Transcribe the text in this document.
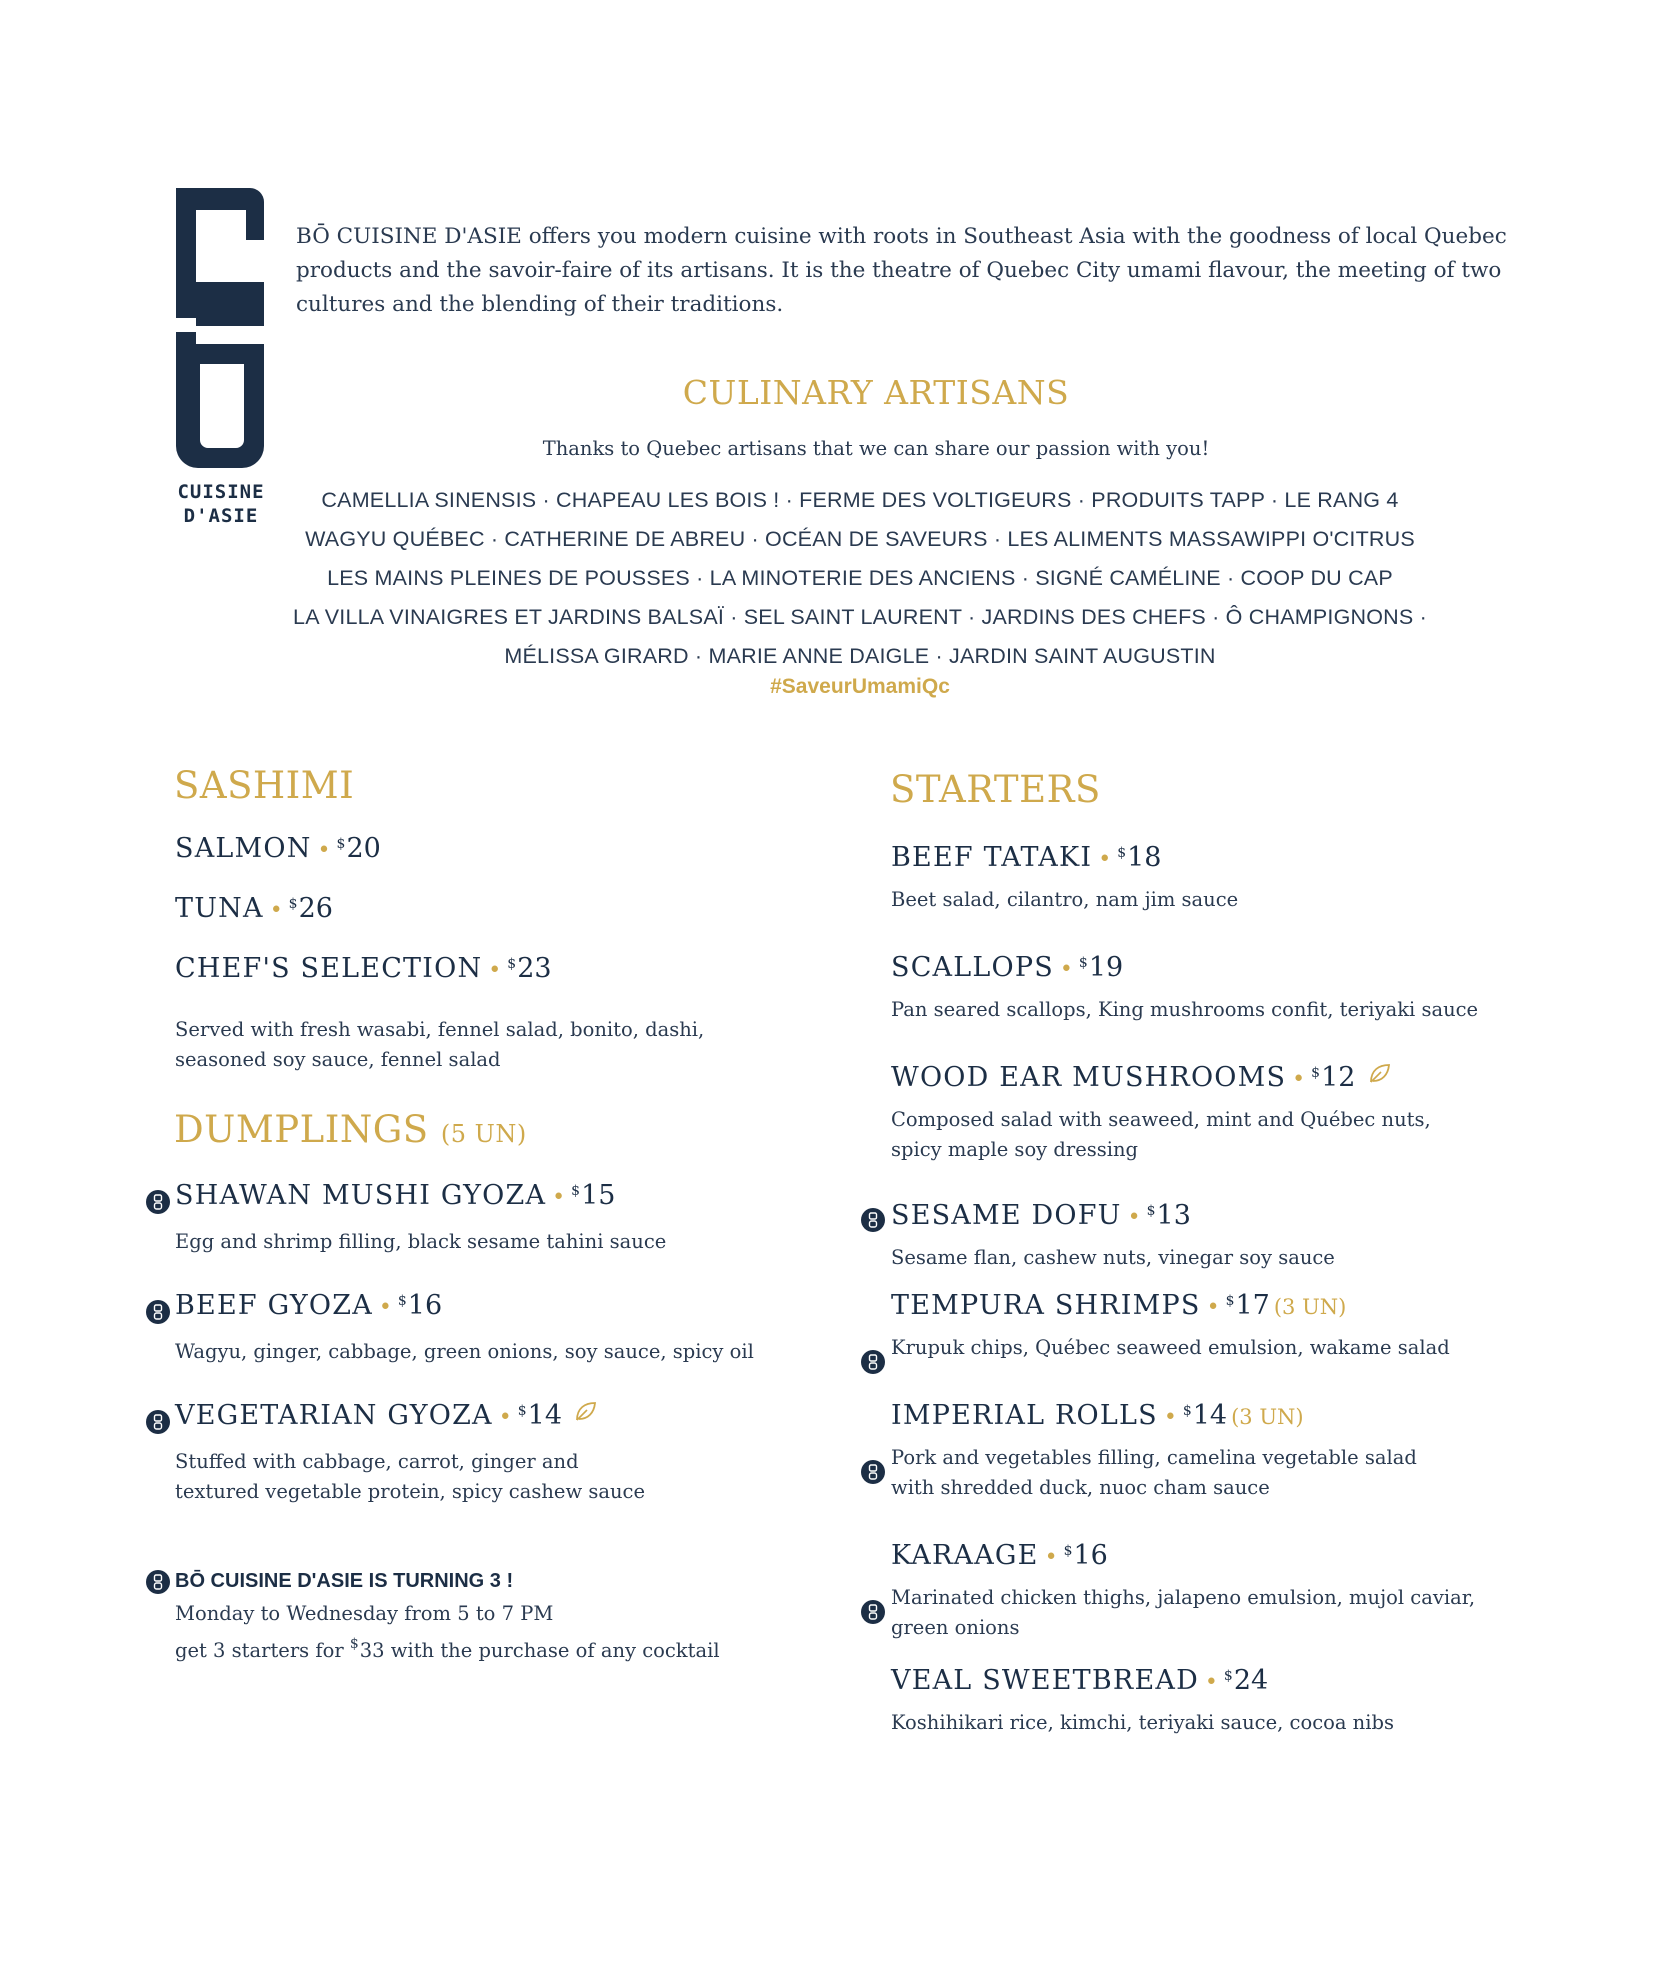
CUISINE
D'ASIE
BŌ CUISINE D'ASIE offers you modern cuisine with roots in Southeast Asia with the goodness of local Quebec
products and the savoir-faire of its artisans. It is the theatre of Quebec City umami flavour, the meeting of two
cultures and the blending of their traditions.
CULINARY ARTISANS
Thanks to Quebec artisans that we can share our passion with you!
CAMELLIA SINENSIS · CHAPEAU LES BOIS ! · FERME DES VOLTIGEURS · PRODUITS TAPP · LE RANG 4
WAGYU QUÉBEC · CATHERINE DE ABREU · OCÉAN DE SAVEURS · LES ALIMENTS MASSAWIPPI O'CITRUS
LES MAINS PLEINES DE POUSSES · LA MINOTERIE DES ANCIENS · SIGNÉ CAMÉLINE · COOP DU CAP
LA VILLA VINAIGRES ET JARDINS BALSAÏ · SEL SAINT LAURENT · JARDINS DES CHEFS · Ô CHAMPIGNONS ·
MÉLISSA GIRARD · MARIE ANNE DAIGLE · JARDIN SAINT AUGUSTIN
#SaveurUmamiQc
SASHIMI
SALMON • $20
TUNA • $26
CHEF'S SELECTION • $23
Served with fresh wasabi, fennel salad, bonito, dashi,
seasoned soy sauce, fennel salad
DUMPLINGS (5 UN)
SHAWAN MUSHI GYOZA • $15
Egg and shrimp filling, black sesame tahini sauce
BEEF GYOZA • $16
Wagyu, ginger, cabbage, green onions, soy sauce, spicy oil
VEGETARIAN GYOZA • $14
Stuffed with cabbage, carrot, ginger and
textured vegetable protein, spicy cashew sauce
BŌ CUISINE D'ASIE IS TURNING 3 !
Monday to Wednesday from 5 to 7 PM
get 3 starters for $33 with the purchase of any cocktail
STARTERS
BEEF TATAKI • $18
Beet salad, cilantro, nam jim sauce
SCALLOPS • $19
Pan seared scallops, King mushrooms confit, teriyaki sauce
WOOD EAR MUSHROOMS • $12
Composed salad with seaweed, mint and Québec nuts,
spicy maple soy dressing
SESAME DOFU • $13
Sesame flan, cashew nuts, vinegar soy sauce
TEMPURA SHRIMPS • $17 (3 UN)
Krupuk chips, Québec seaweed emulsion, wakame salad
IMPERIAL ROLLS • $14 (3 UN)
Pork and vegetables filling, camelina vegetable salad
with shredded duck, nuoc cham sauce
KARAAGE • $16
Marinated chicken thighs, jalapeno emulsion, mujol caviar,
green onions
VEAL SWEETBREAD • $24
Koshihikari rice, kimchi, teriyaki sauce, cocoa nibs
